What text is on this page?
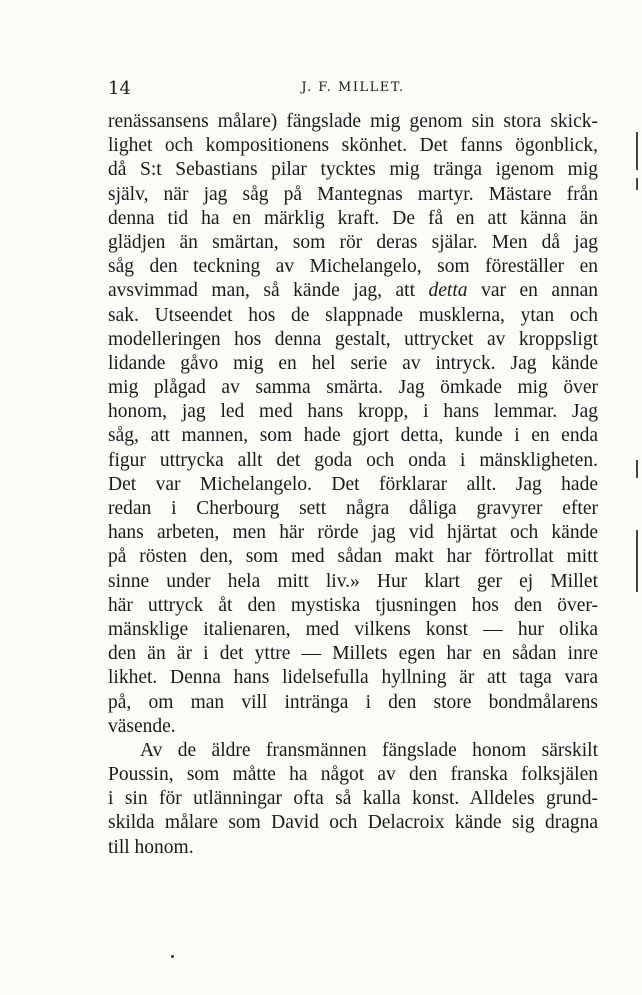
14	J. F. MILLET.
renässansens målare) fängslade mig genom sin stora skick-
lighet och kompositionens skönhet. Det fanns ögonblick,
då S:t Sebastians pilar tycktes mig tränga igenom mig
själv, när jag såg på Mantegnas martyr. Mästare från
denna tid ha en märklig kraft. De få en att känna än
glädjen än smärtan, som rör deras själar. Men då jag
såg den teckning av Michelangelo, som föreställer en
avsvimmad man, så kände jag, att detta var en annan
sak. Utseendet hos de slappnade musklerna, ytan och
modelleringen hos denna gestalt, uttrycket av kroppsligt
lidande gåvo mig en hel serie av intryck. Jag kände
mig plågad av samma smärta. Jag ömkade mig över
honom, jag led med hans kropp, i hans lemmar. Jag
såg, att mannen, som hade gjort detta, kunde i en enda
figur uttrycka allt det goda och onda i mänskligheten.
Det var Michelangelo. Det förklarar allt. Jag hade
redan i Cherbourg sett några dåliga gravyrer efter
hans arbeten, men här rörde jag vid hjärtat och kände
på rösten den, som med sådan makt har förtrollat mitt
sinne under hela mitt liv.» Hur klart ger ej Millet
här uttryck åt den mystiska tjusningen hos den över-
mänsklige italienaren, med vilkens konst — hur olika
den än är i det yttre — Millets egen har en sådan inre
likhet. Denna hans lidelsefulla hyllning är att taga vara
på, om man vill intränga i den store bondmålarens
väsende.
Av de äldre fransmännen fängslade honom särskilt
Poussin, som måtte ha något av den franska folksjälen
i sin för utlänningar ofta så kalla konst. Alldeles grund-
skilda målare som David och Delacroix kände sig dragna
till honom.
